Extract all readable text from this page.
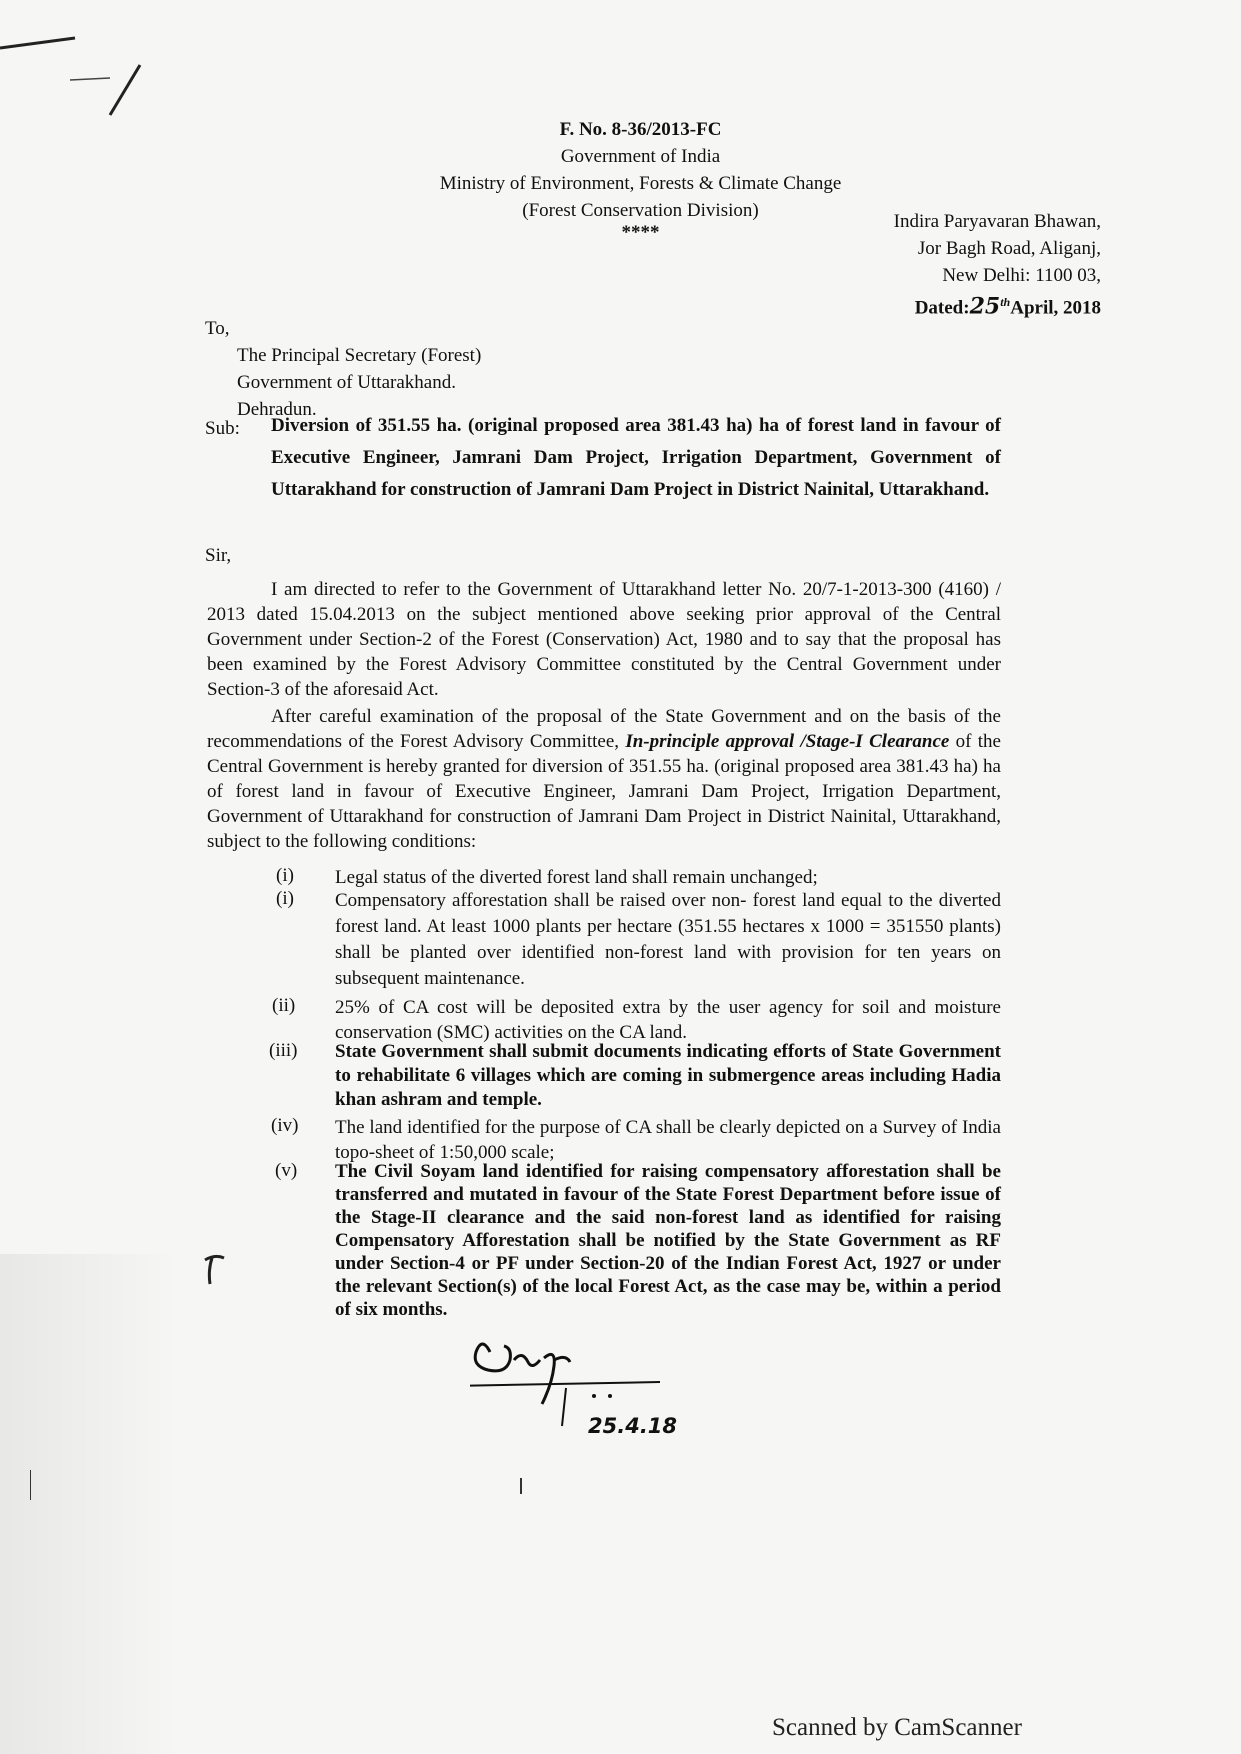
F. No. 8-36/2013-FC
Government of India
Ministry of Environment, Forests & Climate Change
(Forest Conservation Division)
****
Indira Paryavaran Bhawan,
Jor Bagh Road, Aliganj,
New Delhi: 1100 03,
Dated:25thApril, 2018
To,
The Principal Secretary (Forest)
Government of Uttarakhand.
Dehradun.
Sub: Diversion of 351.55 ha. (original proposed area 381.43 ha) ha of forest land in favour of Executive Engineer, Jamrani Dam Project, Irrigation Department, Government of Uttarakhand for construction of Jamrani Dam Project in District Nainital, Uttarakhand.
Sir,
I am directed to refer to the Government of Uttarakhand letter No. 20/7-1-2013-300 (4160) / 2013 dated 15.04.2013 on the subject mentioned above seeking prior approval of the Central Government under Section-2 of the Forest (Conservation) Act, 1980 and to say that the proposal has been examined by the Forest Advisory Committee constituted by the Central Government under Section-3 of the aforesaid Act.
After careful examination of the proposal of the State Government and on the basis of the recommendations of the Forest Advisory Committee, In-principle approval /Stage-I Clearance of the Central Government is hereby granted for diversion of 351.55 ha. (original proposed area 381.43 ha) ha of forest land in favour of Executive Engineer, Jamrani Dam Project, Irrigation Department, Government of Uttarakhand for construction of Jamrani Dam Project in District Nainital, Uttarakhand, subject to the following conditions:
(i)	Legal status of the diverted forest land shall remain unchanged;
(i)	Compensatory afforestation shall be raised over non- forest land equal to the diverted forest land. At least 1000 plants per hectare (351.55 hectares x 1000 = 351550 plants) shall be planted over identified non-forest land with provision for ten years on subsequent maintenance.
(ii)	25% of CA cost will be deposited extra by the user agency for soil and moisture conservation (SMC) activities on the CA land.
(iii)	State Government shall submit documents indicating efforts of State Government to rehabilitate 6 villages which are coming in submergence areas including Hadia khan ashram and temple.
(iv)	The land identified for the purpose of CA shall be clearly depicted on a Survey of India topo-sheet of 1:50,000 scale;
(v)	The Civil Soyam land identified for raising compensatory afforestation shall be transferred and mutated in favour of the State Forest Department before issue of the Stage-II clearance and the said non-forest land as identified for raising Compensatory Afforestation shall be notified by the State Government as RF under Section-4 or PF under Section-20 of the Indian Forest Act, 1927 or under the relevant Section(s) of the local Forest Act, as the case may be, within a period of six months.
25.4.18
Scanned by CamScanner
